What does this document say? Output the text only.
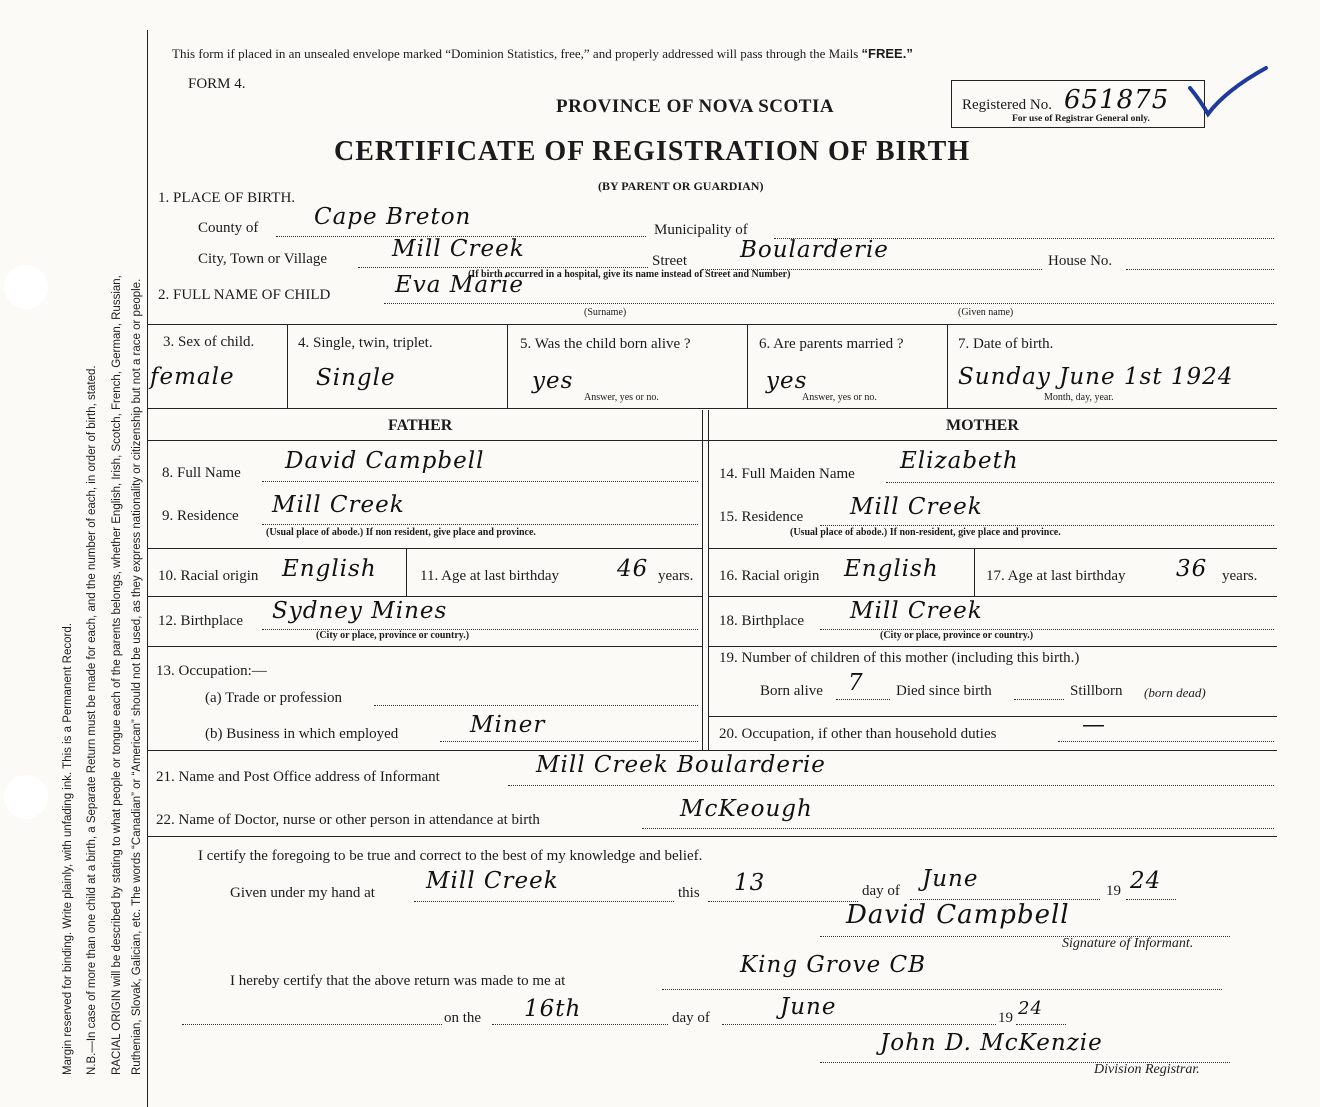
Margin reserved for binding. Write plainly, with unfading ink. This is a Permanent Record. N.B.—In case of more than one child at a birth, a Separate Return must be made for each, and the number of each, in order of birth, stated. RACIAL ORIGIN will be described by stating to what people or tongue each of the parents belongs, whether English, Irish, Scotch, French, German, Russian, Ruthenian, Slovak, Galician, etc. The words “Canadian” or “American” should not be used, as they express nationality or citizenship but not a race or people.
This form if placed in an unsealed envelope marked “Dominion Statistics, free,” and properly addressed will pass through the Mails “FREE.”
FORM 4.
PROVINCE OF NOVA SCOTIA
CERTIFICATE OF REGISTRATION OF BIRTH
(BY PARENT OR GUARDIAN)
Registered No. 651875
For use of Registrar General only.
1. PLACE OF BIRTH.
County of Cape Breton	Municipality of
City, Town or Village	Mill Creek	Street Boularderie	House No.
(If birth occurred in a hospital, give its name instead of Street and Number)
2. FULL NAME OF CHILD	Eva Marie
(Surname)	(Given name)
3. Sex of child.
female
4. Single, twin, triplet.
Single
5. Was the child born alive ?
yes
Answer, yes or no.
6. Are parents married ?
yes
Answer, yes or no.
7. Date of birth.
Sunday June 1st 1924
Month, day, year.
FATHER	MOTHER
8. Full Name David Campbell
9. Residence Mill Creek
(Usual place of abode.) If non resident, give place and province.
10. Racial origin English	11. Age at last birthday	46 years.
12. Birthplace Sydney Mines
(City or place, province or country.)
13. Occupation:—
(a) Trade or profession
(b) Business in which employed	Miner
14. Full Maiden Name Elizabeth
15. Residence Mill Creek
(Usual place of abode.) If non-resident, give place and province.
16. Racial origin English	17. Age at last birthday 36 years.
18. Birthplace Mill Creek
(City or place, province or country.)
19. Number of children of this mother (including this birth.)
Born alive 7 Died since birth	Stillborn (born dead)
20. Occupation, if other than household duties	—
21. Name and Post Office address of Informant	Mill Creek Boularderie
22. Name of Doctor, nurse or other person in attendance at birth	McKeough
I certify the foregoing to be true and correct to the best of my knowledge and belief.
Given under my hand at Mill Creek	this 13	day of June	19 24
David Campbell
Signature of Informant.
I hereby certify that the above return was made to me at
King Grove CB
on the 16th	day of	June	19 24
John D. McKenzie
Division Registrar.
